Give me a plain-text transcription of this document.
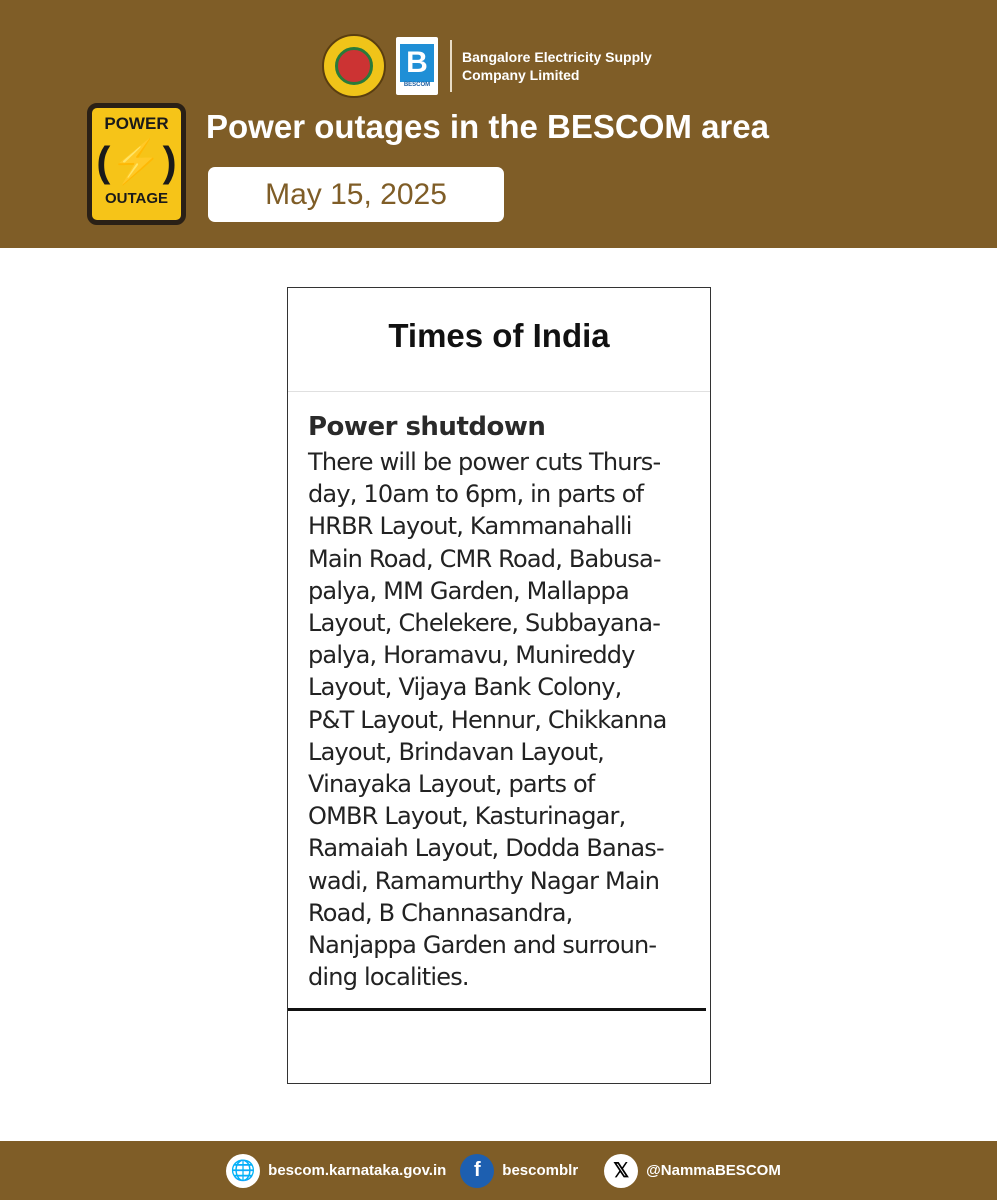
B
BESCOM
Bangalore Electricity Supply
Company Limited
POWER
(⚡)
OUTAGE
Power outages in the BESCOM area
May 15, 2025
Times of India
Power shutdown
There will be power cuts Thurs-
day, 10am to 6pm, in parts of
HRBR Layout, Kammanahalli
Main Road, CMR Road, Babusa-
palya, MM Garden, Mallappa
Layout, Chelekere, Subbayana-
palya, Horamavu, Munireddy
Layout, Vijaya Bank Colony,
P&T Layout, Hennur, Chikkanna
Layout, Brindavan Layout,
Vinayaka Layout, parts of
OMBR Layout, Kasturinagar,
Ramaiah Layout, Dodda Banas-
wadi, Ramamurthy Nagar Main
Road, B Channasandra,
Nanjappa Garden and surroun-
ding localities.
🌐 bescom.karnataka.gov.in	f	bescomblr	𝕏	@NammaBESCOM
